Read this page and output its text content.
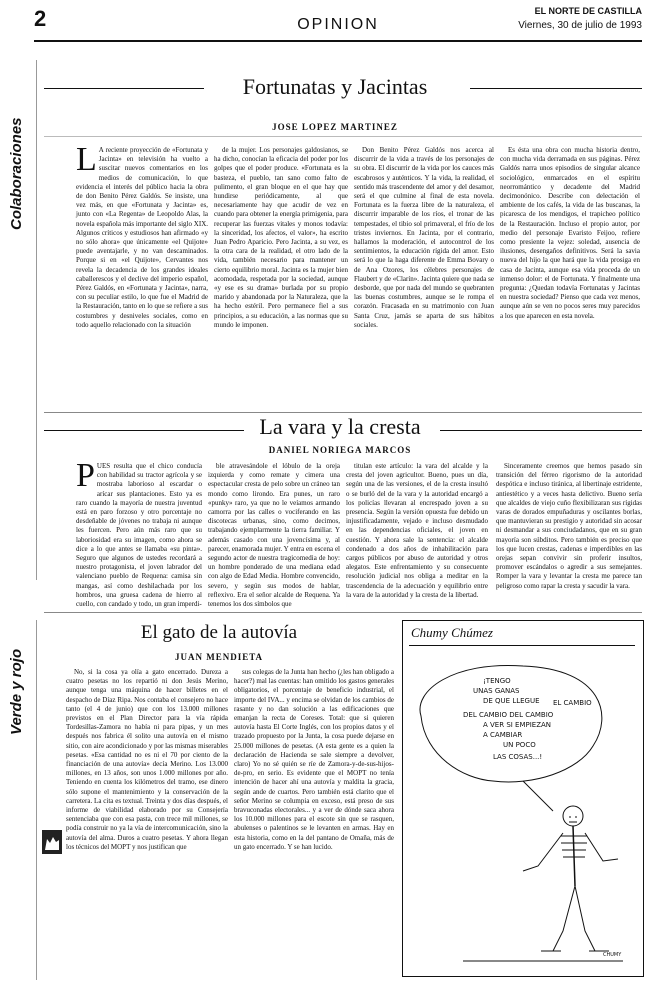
2	OPINION
EL NORTE DE CASTILLA
Viernes, 30 de julio de 1993
Colaboraciones
Verde y rojo
Fortunatas y Jacintas
JOSE LOPEZ MARTINEZ
L A reciente proyección de «Fortunata y Jacinta» en televisión ha vuelto a suscitar nuevos comentarios en los medios de comunicación, lo que evidencia el interés del público hacia la obra de don Benito Pérez Galdós. Se insiste, una vez más, en que «Fortunata y Jacinta» es, junto con «La Regenta» de Leopoldo Alas, la novela española más importante del siglo XIX. Algunos críticos y estudiosos han afirmado «y no sólo ahora» que únicamente «el Quijote» puede aventajarle, y no van descaminados. Porque si en «el Quijote», Cervantes nos revela la decadencia de los grandes ideales caballerescos y el declive del imperio español, Pérez Galdós, en «Fortunata y Jacinta», narra, con su peculiar estilo, lo que fue el Madrid de la Restauración, tanto en lo que se refiere a sus costumbres y desniveles sociales, como en todo aquello relacionado con la situación

de la mujer. Los personajes galdosianos, se ha dicho, conocían la eficacia del poder por los golpes que el poder produce. «Fortunata es la basteza, el pueblo, tan sano como falto de pulimento, el gran bloque en el que hay que hundirse periódicamente, al que necesariamente hay que acudir de vez en cuando para obtener la energía primigenia, para recuperar las fuerzas vitales y monos todavía: la sinceridad, los afectos, el valor», ha escrito Juan Pedro Aparicio. Pero Jacinta, a su vez, es la otra cara de la realidad, el otro lado de la vida, también necesario para mantener un cierto equilibrio moral. Jacinta es la mujer bien acomodada, respetada por la sociedad, aunque «y ese es su drama» burlada por su propio marido y abandonada por la Naturaleza, que la ha hecho estéril. Pero permanece fiel a sus principios, a su educación, a las normas que su mundo le imponen.

Don Benito Pérez Galdós nos acerca al discurrir de la vida a través de los personajes de su obra. El discurrir de la vida por los cauces más escabrosos y auténticos. Y la vida, la realidad, el sentido más trascendente del amor y del desamor, será el que culmine al final de esta novela. Fortunata es la fuerza libre de la naturaleza, el discurrir imparable de los ríos, el tronar de las tempestades, el tibio sol primaveral, el frío de los tristes inviernos. En Jacinta, por el contrario, hallamos la moderación, el autocontrol de los sentimientos, la educación rígida del amor. Esto será lo que la haga diferente de Emma Bovary o de Ana Ozores, los célebres personajes de Flaubert y de «Clarín». Jacinta quiere que nada se desborde, que por nada del mundo se quebranten las buenas costumbres, aunque se le rompa el corazón. Fracasada en su matrimonio con Juan Santa Cruz, jamás se aparta de sus hábitos sociales.

Es ésta una obra con mucha historia dentro, con mucha vida derramada en sus páginas. Pérez Galdós narra unos episodios de singular alcance sociológico, enmarcados en el espíritu neorromántico y decadente del Madrid decimonónico. Describe con delectación el ambiente de los cafés, la vida de las buscanas, la picaresca de los mendigos, el trapicheo político de la Restauración. Incluso el propio autor, por medio del personaje Evaristo Feijoo, refiere como presiente la vejez: soledad, ausencia de ilusiones, desengaños definitivos. Será la savia nueva del hijo la que hará que la vida prosiga en casa de Jacinta, aunque esa vida proceda de un inmenso dolor: el de Fortunata. Y finalmente una pregunta: ¿Quedan todavía Fortunatas y Jacintas en nuestra sociedad? Pienso que cada vez menos, aunque aún se ven no pocos seres muy parecidos a los que aparecen en esta novela.

La vara y la cresta
DANIEL NORIEGA MARCOS
P UES resulta que el chico conducía con habilidad su tractor agrícola y se mostraba laborioso al escardar o arícar sus plantaciones. Esto ya es raro cuando la mayoría de nuestra juventud está en paro forzoso y otro porcentaje no desdeñable de jóvenes no trabaja ni aunque les fuercen. Pero aún más raro que su laboriosidad era su imagen, como ahora se dice a lo que antes se llamaba «su pinta». Seguro que algunos de ustedes recordará a nuestro protagonista, el joven labrador del valenciano pueblo de Requena: camisa sin mangas, así como deshilachada por los hombros, una gruesa cadena de hierro al cuello, con candado y todo, un gran imperdi-

ble atravesándole el lóbulo de la oreja izquierda y como remate y cimera una espectacular cresta de pelo sobre un cráneo tan mondo como lirondo. Era punes, un raro «punky» raro, ya que no le veíamos armando camorra por las calles o vociferando en las discotecas urbanas, sino, como decimos, trabajando ejemplarmente la tierra familiar. Y además casado con una jovencísima y, al parecer, enamorada mujer. Y entra en escena el segundo actor de nuestra tragicomedia de hoy: un hombre ponderado de una mediana edad con algo de Edad Media. Hombre convencido, severo, y según sus modos de hablar, reflexivo. Era el señor alcalde de Requena. Ya tenemos los dos símbolos que

titulan este artículo: la vara del alcalde y la cresta del joven agricultor. Bueno, pues un día, según una de las versiones, el de la cresta insultó o se burló del de la vara y la autoridad encargó a los policías llevaran al encrespado joven a su presencia. Según la versión opuesta fue debido un injustificadamente, vejado e incluso desmudado en las dependencias oficiales, el joven en cuestión. Y ahora sale la sentencia: el alcalde condenado a dos años de inhabilitación para cargos públicos por abuso de autoridad y otros alegatos. Este enfrentamiento y su consecuente resolución judicial nos obliga a meditar en la trascendencia de la adecuación y equilibrio entre la vara de la autoridad y la cresta de la libertad.

Sinceramente creemos que hemos pasado sin transición del férreo rigorismo de la autoridad despótica e incluso tiránica, al libertinaje estridente, antiestético y a veces hasta delictivo. Bueno sería que alcaldes de viejo cuño flexibilizaran sus rígidas varas de dorados empuñaduras y oscilantes borlas, que mantuvieran su prestigio y autoridad sin acosar ni desmandar a sus conciudadanos, que en su gran mayoría son súbditos. Pero también es preciso que los que lucen crestas, cadenas e imperdibles en las orejas sepan convivir sin proferir insultos, promover escándalos o agredir a sus semejantes. Romper la vara y levantar la cresta me parece tan peligroso como rapar la cresta y sacudir la vara.

El gato de la autovía
JUAN MENDIETA

No, si la cosa ya olía a gato encerrado. Dureza a cuatro pesetas no los repartió ni don Jesús Merino, aunque tenga una máquina de hacer billetes en el despacho de Díaz Ripa. Nos contaba el consejero no hace tanto (el 4 de junio) que con los 13.000 millones previstos en el Plan Director para la vía rápida Tordesillas-Zamora no había ni para pipas, y un mes después nos fabrica él solito una autovía en el mismo sitio, con aire acondicionado y por las mismas miserables pesetas. «Esa cantidad no es ni el 70 por ciento de la financiación de una autovía» decía Merino. Los 13.000 millones, en 13 años, son unos 1.000 millones por año. Teniendo en cuenta los kilómetros del tramo, ese dinero sólo supone el mantenimiento y la conservación de la carretera. La cita es textual. Treinta y dos días después, el informe de viabilidad elaborado por su Consejería sentenciaba que con esa pasta, con trece mil millones, se podía construir no ya la vía de intercomunicación, sino la autovía del alma. Duros a cuatro pesetas. Y ahora llegan los técnicos del MOPT y nos justifican que

sus colegas de la Junta han hecho (¿les han obligado a hacer?) mal las cuentas: han omitido los gastos generales obligatorios, el porcentaje de beneficio industrial, el importe del IVA... y encima se olvidan de los cambios de rasante y no dan solución a las edificaciones que emanjan la recta de Coreses. Total: que si quieren autovía hasta El Corte Inglés, con los propios datos y el trazado propuesto por la Junta, la cosa puede dejarse en 25.000 millones de pesetas. (A esta gente es a quien la declaración de Hacienda se sale siempre a devolver, claro) Yo no sé quién se ríe de Zamora-y-de-sus-hijos-de-pro, en serio. Es evidente que el MOPT no tenía intención de hacer ahí una autovía y maldita la gracia, según ande de cuartos. Pero también está clarito que el señor Merino se columpia en exceso, está preso de sus bravuconadas electorales... y a ver de dónde saca ahora los 10.000 millones para el escote sin que se rasquen, abulenses o palentinos se le levanten en armas. Hay en esta historia, como en la del pantano de Omaña, más de un gato encerrado. Y se han lucido.

Chumy Chúmez
¡TENGO
UNAS GANAS
DE QUE LLEGUE EL CAMBIO
DEL CAMBIO DEL CAMBIO
A VER SI EMPIEZAN
A CAMBIAR
UN POCO
LAS COSAS...!
CHUMY
